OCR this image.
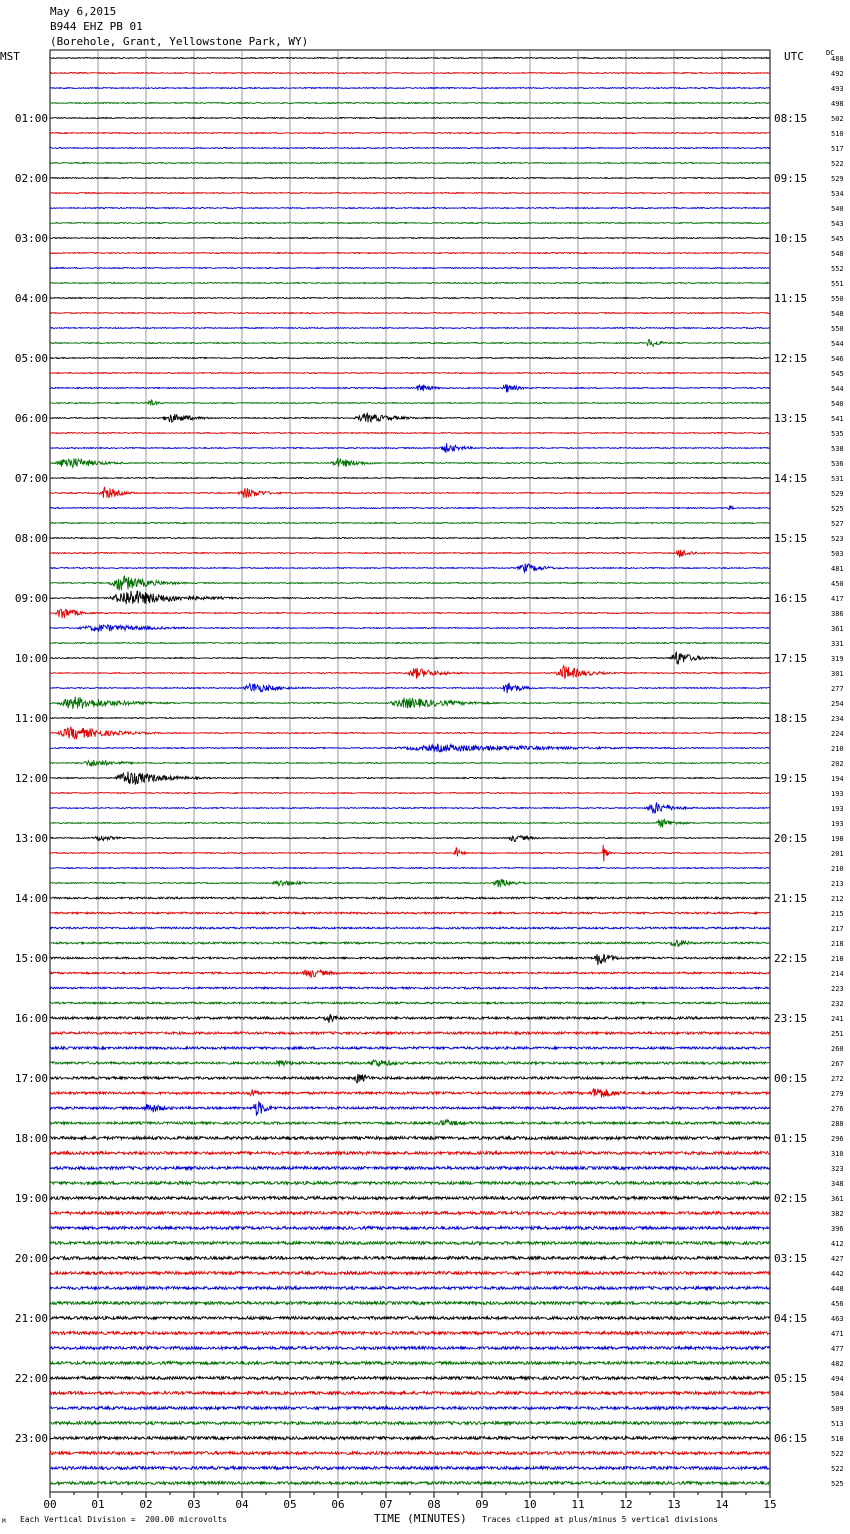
May 6,2015
B944 EHZ PB 01
(Borehole, Grant, Yellowstone Park, WY)
MST	UTC	DC
00	01	02	03	04	05	06	07	08	09	10	11	12	13	14	15
488
492
493
498
502
510
517
522
529
534
540
543
545
548
552
551
550
548
550
544
546
545
544
540
541
535
538
536
531
529
525
527
523
503
481
450
417
386
361
331
319
301
277
254
234
224
210
202
194
193
193
193
198
201
210
213
212
215
217
218
218
214
223
232
241
251
260
267
272
279
276
288
296
310
323
348
361
382
396
412
427
442
448
456
463
471
477
482
494
504
509
513
518
522
522
525
01:00	08:15
02:00	09:15
03:00	10:15
04:00	11:15
05:00	12:15
06:00	13:15
07:00	14:15
08:00	15:15
09:00	16:15
10:00	17:15
11:00	18:15
12:00	19:15
13:00	20:15
14:00	21:15
15:00	22:15
16:00	23:15
17:00	00:15
18:00	01:15
19:00	02:15
20:00	03:15
21:00	04:15
22:00	05:15
23:00	06:15
M Each Vertical Division =  200.00 microvolts	TIME (MINUTES) Traces clipped at plus/minus 5 vertical divisions
